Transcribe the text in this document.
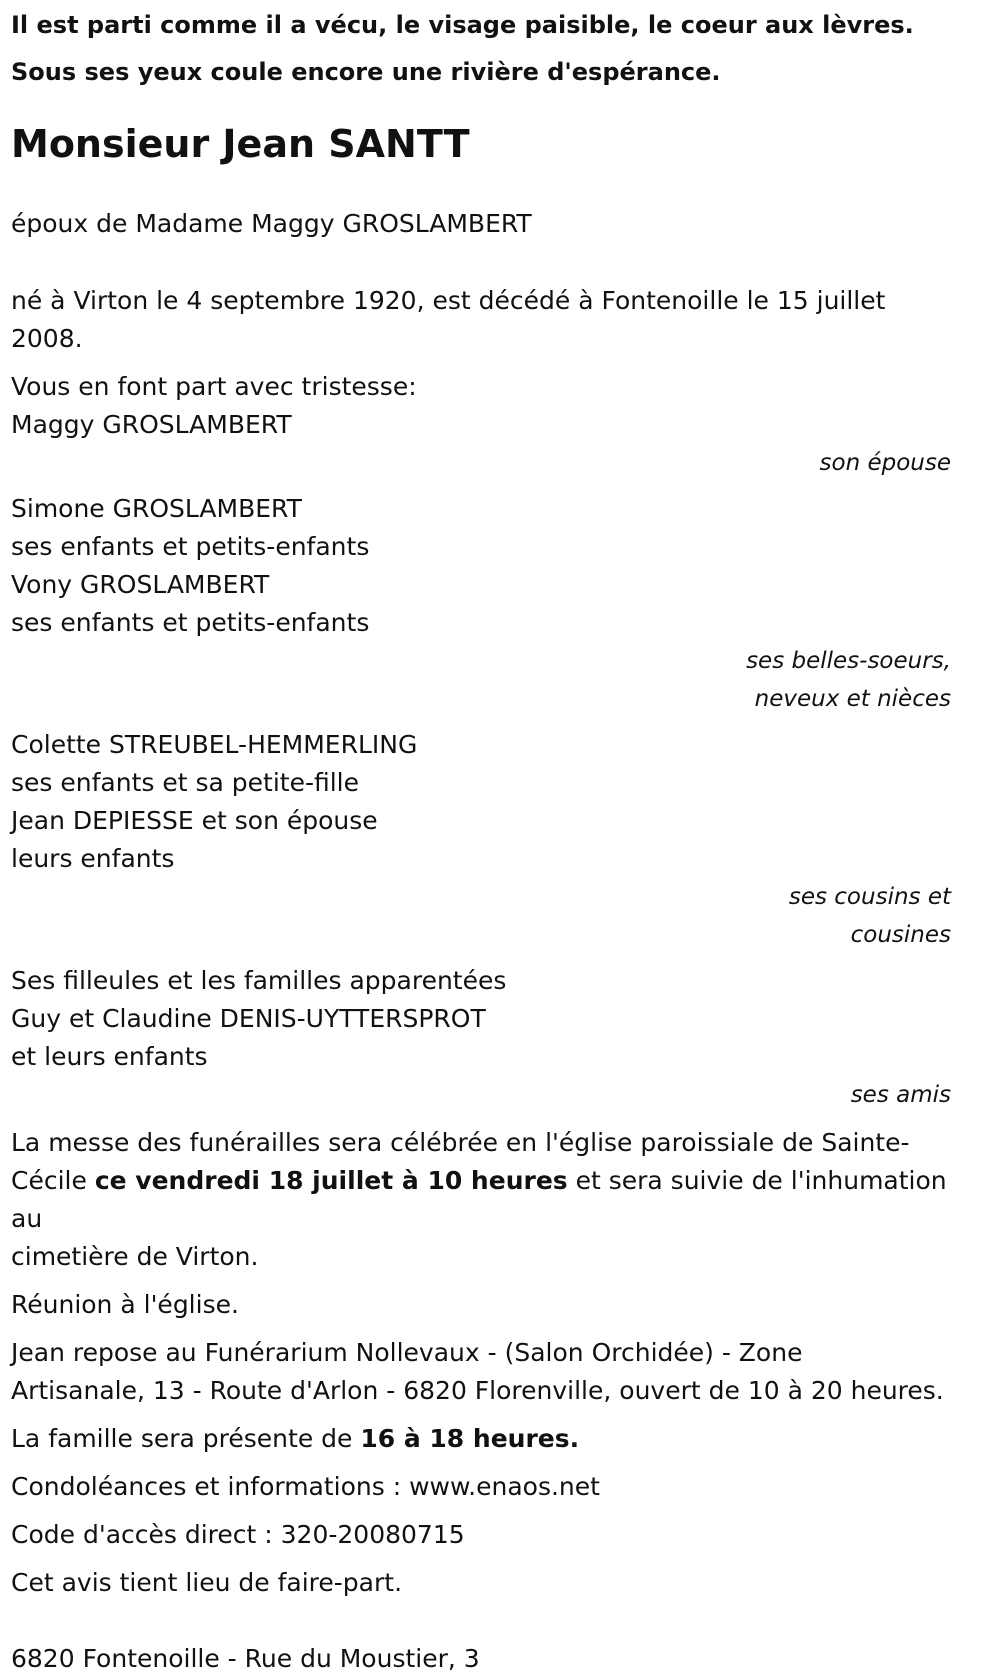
Il est parti comme il a vécu, le visage paisible, le coeur aux lèvres.

Sous ses yeux coule encore une rivière d'espérance.

Monsieur Jean SANTT

époux de Madame Maggy GROSLAMBERT

né à Virton le 4 septembre 1920, est décédé à Fontenoille le 15 juillet

2008.

Vous en font part avec tristesse:

Maggy GROSLAMBERT

son épouse

Simone GROSLAMBERT

ses enfants et petits-enfants

Vony GROSLAMBERT

ses enfants et petits-enfants

ses belles-soeurs,

neveux et nièces

Colette STREUBEL-HEMMERLING

ses enfants et sa petite-fille

Jean DEPIESSE et son épouse

leurs enfants

ses cousins et

cousines

Ses filleules et les familles apparentées

Guy et Claudine DENIS-UYTTERSPROT

et leurs enfants

ses amis

La messe des funérailles sera célébrée en l'église paroissiale de Sainte-

Cécile ce vendredi 18 juillet à 10 heures et sera suivie de l'inhumation au

cimetière de Virton.

Réunion à l'église.

Jean repose au Funérarium Nollevaux - (Salon Orchidée) - Zone

Artisanale, 13 - Route d'Arlon - 6820 Florenville, ouvert de 10 à 20 heures.

La famille sera présente de 16 à 18 heures.

Condoléances et informations : www.enaos.net

Code d'accès direct : 320-20080715

Cet avis tient lieu de faire-part.

6820 Fontenoille - Rue du Moustier, 3
